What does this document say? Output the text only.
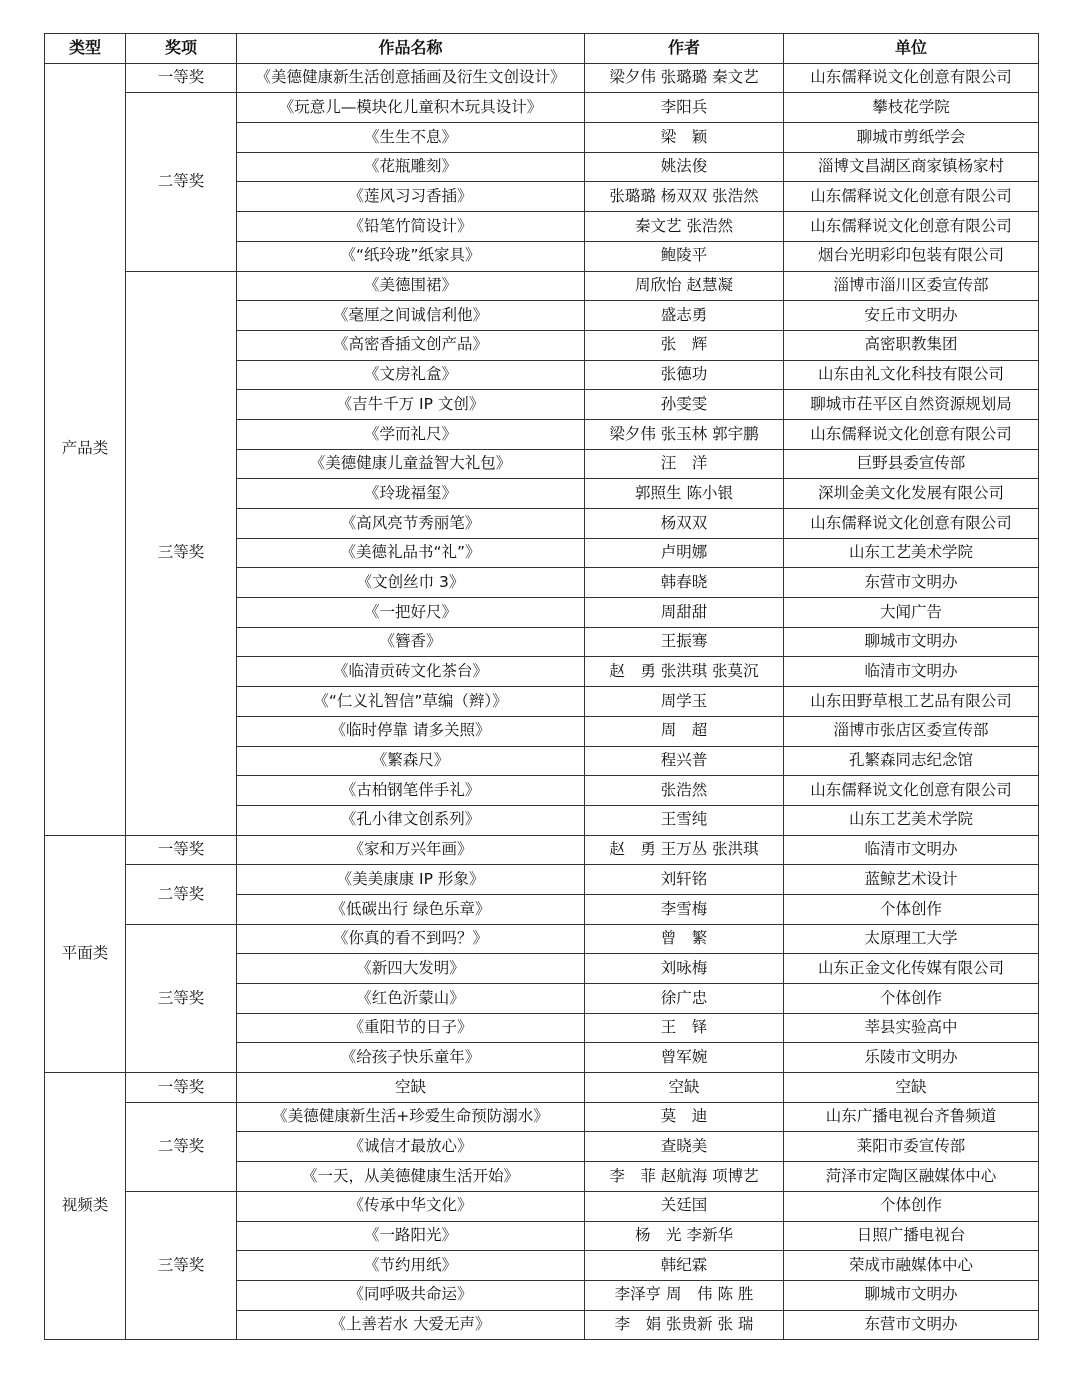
类型	奖项	作品名称	作者	单位
产品类	一等奖	《美德健康新生活创意插画及衍生文创设计》	梁夕伟 张璐璐 秦文艺	山东儒释说文化创意有限公司
	二等奖	《玩意儿—模块化儿童积木玩具设计》	李阳兵	攀枝花学院
		《生生不息》	梁　颖	聊城市剪纸学会
		《花瓶雕刻》	姚法俊	淄博文昌湖区商家镇杨家村
		《莲风习习香插》	张璐璐 杨双双 张浩然	山东儒释说文化创意有限公司
		《铅笔竹简设计》	秦文艺 张浩然	山东儒释说文化创意有限公司
		《“纸玲珑”纸家具》	鲍陵平	烟台光明彩印包装有限公司
	三等奖	《美德围裙》	周欣怡 赵慧凝	淄博市淄川区委宣传部
		《毫厘之间诚信利他》	盛志勇	安丘市文明办
		《高密香插文创产品》	张　辉	高密职教集团
		《文房礼盒》	张德功	山东由礼文化科技有限公司
		《吉牛千万 IP 文创》	孙雯雯	聊城市茌平区自然资源规划局
		《学而礼尺》	梁夕伟 张玉林 郭宇鹏	山东儒释说文化创意有限公司
		《美德健康儿童益智大礼包》	汪　洋	巨野县委宣传部
		《玲珑福玺》	郭照生 陈小银	深圳金美文化发展有限公司
		《高风亮节秀丽笔》	杨双双	山东儒释说文化创意有限公司
		《美德礼品书“礼”》	卢明娜	山东工艺美术学院
		《文创丝巾 3》	韩春晓	东营市文明办
		《一把好尺》	周甜甜	大闻广告
		《簪香》	王振骞	聊城市文明办
		《临清贡砖文化茶台》	赵　勇 张洪琪 张莫沉	临清市文明办
		《“仁义礼智信”草编（辫）》	周学玉	山东田野草根工艺品有限公司
		《临时停靠 请多关照》	周　超	淄博市张店区委宣传部
		《繁森尺》	程兴普	孔繁森同志纪念馆
		《古柏钢笔伴手礼》	张浩然	山东儒释说文化创意有限公司
		《孔小律文创系列》	王雪纯	山东工艺美术学院
平面类	一等奖	《家和万兴年画》	赵　勇 王万丛 张洪琪	临清市文明办
	二等奖	《美美康康 IP 形象》	刘轩铭	蓝鲸艺术设计
		《低碳出行 绿色乐章》	李雪梅	个体创作
	三等奖	《你真的看不到吗？》	曾　繁	太原理工大学
		《新四大发明》	刘咏梅	山东正金文化传媒有限公司
		《红色沂蒙山》	徐广忠	个体创作
		《重阳节的日子》	王　铎	莘县实验高中
		《给孩子快乐童年》	曾军婉	乐陵市文明办
视频类	一等奖	空缺	空缺	空缺
	二等奖	《美德健康新生活+珍爱生命预防溺水》	莫　迪	山东广播电视台齐鲁频道
		《诚信才最放心》	查晓美	莱阳市委宣传部
		《一天，从美德健康生活开始》	李　菲 赵航海 项博艺	菏泽市定陶区融媒体中心
	三等奖	《传承中华文化》	关廷国	个体创作
		《一路阳光》	杨　光 李新华	日照广播电视台
		《节约用纸》	韩纪霖	荣成市融媒体中心
		《同呼吸共命运》	李泽亨 周　伟 陈 胜	聊城市文明办
		《上善若水 大爱无声》	李　娟 张贵新 张 瑞	东营市文明办
